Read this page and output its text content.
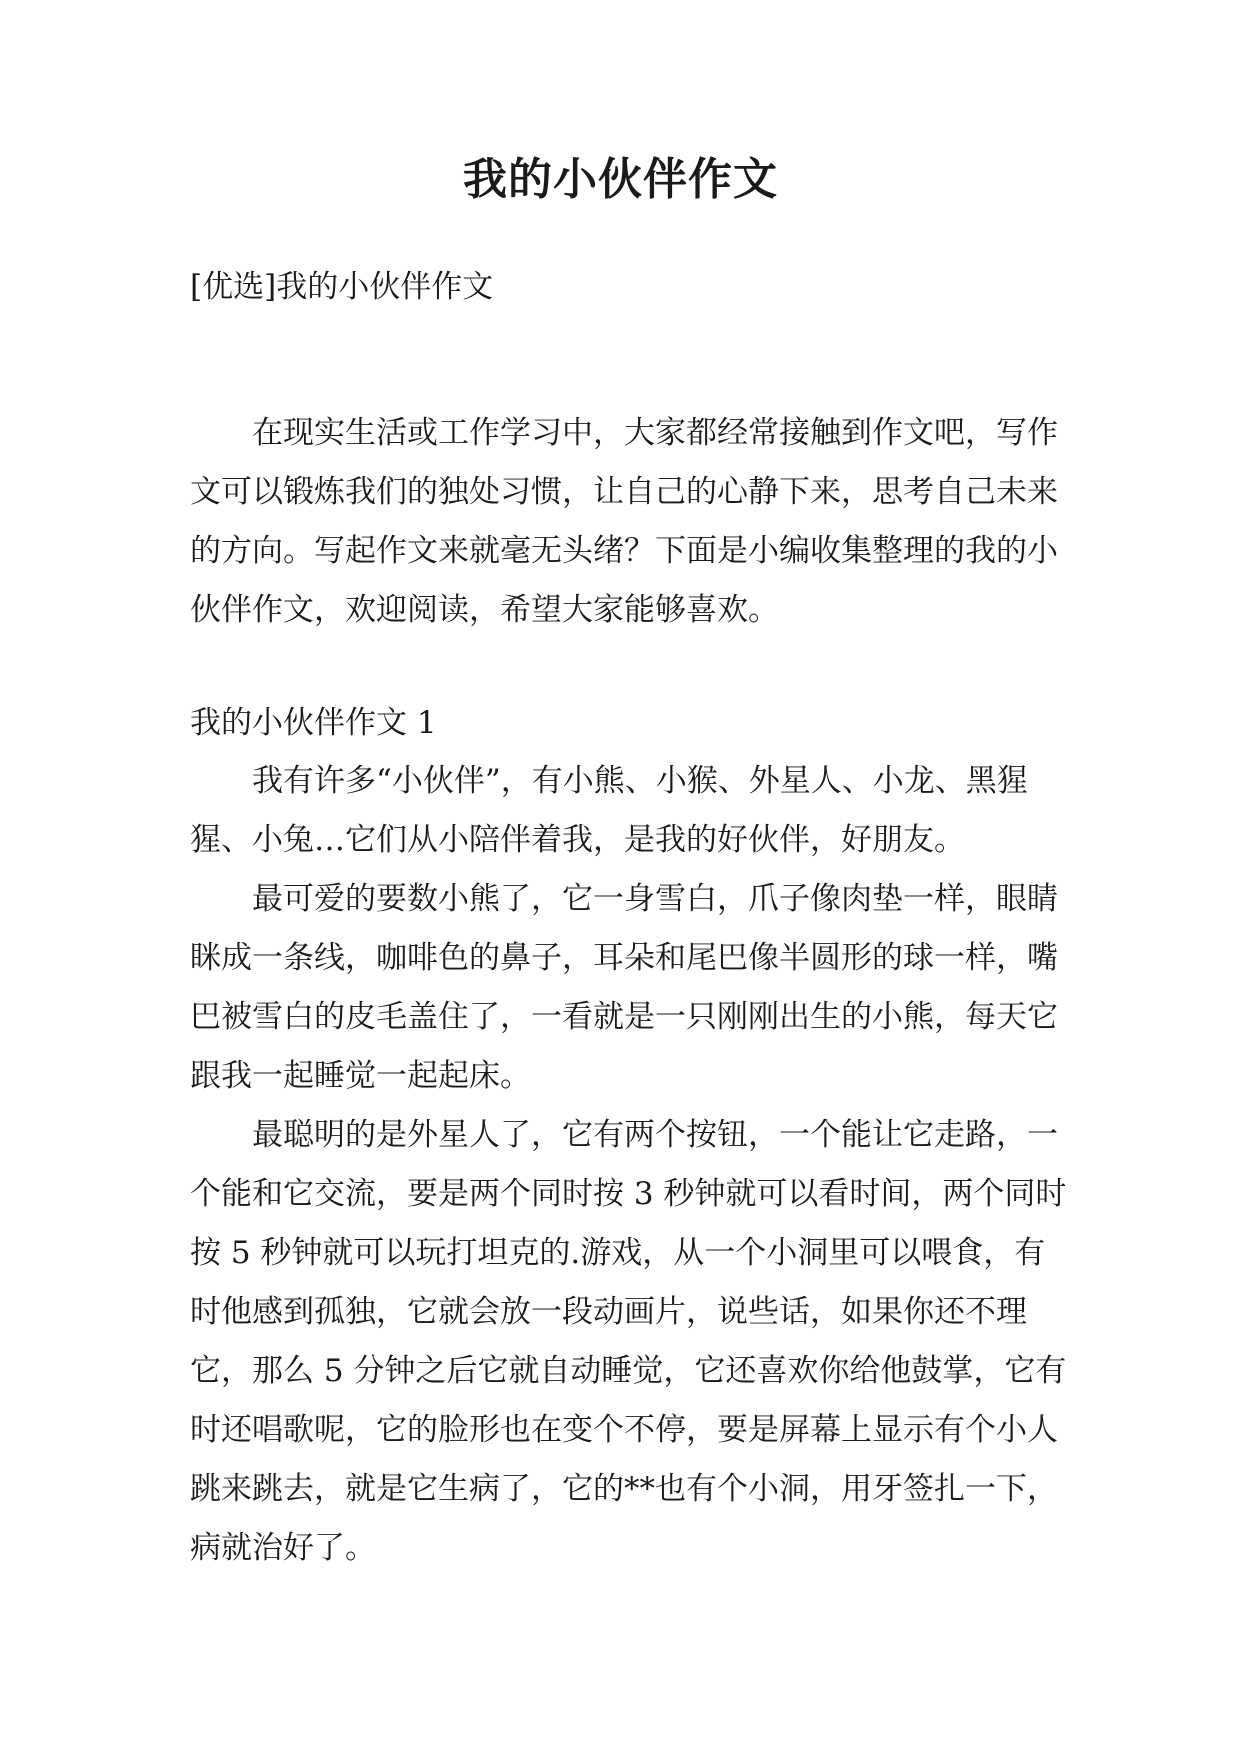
我的小伙伴作文

[优选]我的小伙伴作文

在现实生活或工作学习中，大家都经常接触到作文吧，写作文可以锻炼我们的独处习惯，让自己的心静下来，思考自己未来的方向。写起作文来就毫无头绪？下面是小编收集整理的我的小伙伴作文，欢迎阅读，希望大家能够喜欢。

我的小伙伴作文 1

我有许多“小伙伴”，有小熊、小猴、外星人、小龙、黑猩猩、小兔…它们从小陪伴着我，是我的好伙伴，好朋友。

最可爱的要数小熊了，它一身雪白，爪子像肉垫一样，眼睛眯成一条线，咖啡色的鼻子，耳朵和尾巴像半圆形的球一样，嘴巴被雪白的皮毛盖住了，一看就是一只刚刚出生的小熊，每天它跟我一起睡觉一起起床。

最聪明的是外星人了，它有两个按钮，一个能让它走路，一个能和它交流，要是两个同时按 3 秒钟就可以看时间，两个同时按 5 秒钟就可以玩打坦克的.游戏，从一个小洞里可以喂食，有时他感到孤独，它就会放一段动画片，说些话，如果你还不理它，那么 5 分钟之后它就自动睡觉，它还喜欢你给他鼓掌，它有时还唱歌呢，它的脸形也在变个不停，要是屏幕上显示有个小人跳来跳去，就是它生病了，它的**也有个小洞，用牙签扎一下，病就治好了。
